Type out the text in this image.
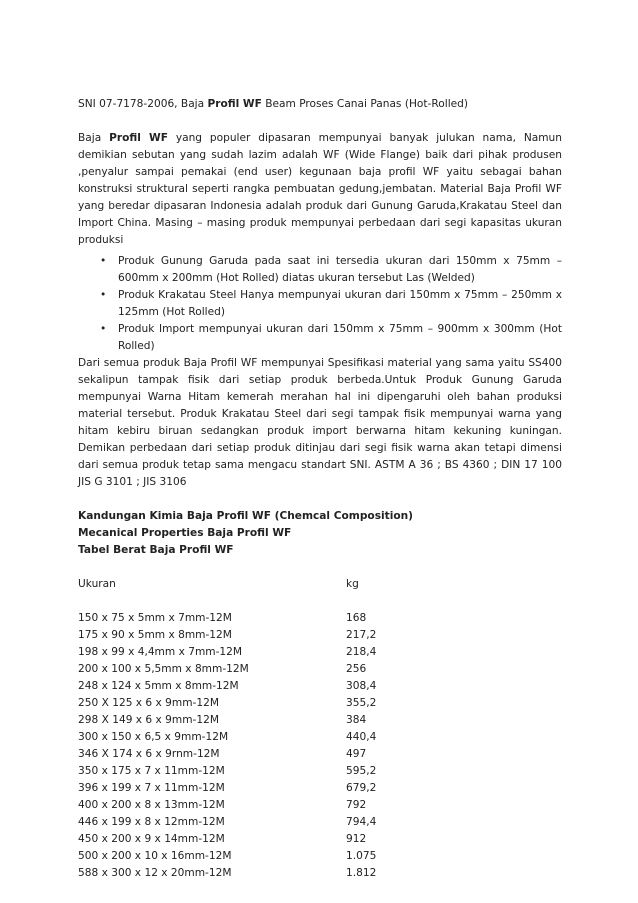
SNI 07-7178-2006, Baja Profil WF Beam Proses Canai Panas (Hot-Rolled)

Baja Profil WF yang populer dipasaran mempunyai banyak julukan nama, Namun demikian sebutan yang sudah lazim adalah WF (Wide Flange) baik dari pihak produsen ,penyalur sampai pemakai (end user) kegunaan baja profil WF yaitu sebagai bahan konstruksi struktural seperti rangka pembuatan gedung,jembatan. Material Baja Profil WF yang beredar dipasaran Indonesia adalah produk dari Gunung Garuda,Krakatau Steel dan Import China. Masing – masing produk mempunyai perbedaan dari segi kapasitas ukuran produksi

• Produk Gunung Garuda pada saat ini tersedia ukuran dari 150mm x 75mm – 600mm x 200mm (Hot Rolled) diatas ukuran tersebut Las (Welded)
• Produk Krakatau Steel Hanya mempunyai ukuran dari 150mm x 75mm – 250mm x 125mm (Hot Rolled)
• Produk Import mempunyai ukuran dari 150mm x 75mm – 900mm x 300mm (Hot Rolled)

Dari semua produk Baja Profil WF mempunyai Spesifikasi material yang sama yaitu SS400 sekalipun tampak fisik dari setiap produk berbeda.Untuk Produk Gunung Garuda mempunyai Warna Hitam kemerah merahan hal ini dipengaruhi oleh bahan produksi material tersebut. Produk Krakatau Steel dari segi tampak fisik mempunyai warna yang hitam kebiru biruan sedangkan produk import berwarna hitam kekuning kuningan. Demikan perbedaan dari setiap produk ditinjau dari segi fisik warna akan tetapi dimensi dari semua produk tetap sama mengacu standart SNI. ASTM A 36 ; BS 4360 ; DIN 17 100 JIS G 3101 ; JIS 3106

Kandungan Kimia Baja Profil WF (Chemcal Composition)

Mecanical Properties Baja Profil WF

Tabel Berat Baja Profil WF

Ukuran	kg
150 x 75 x 5mm x 7mm-12M	168
175 x 90 x 5mm x 8mm-12M	217,2
198 x 99 x 4,4mm x 7mm-12M	218,4
200 x 100 x 5,5mm x 8mm-12M	256
248 x 124 x 5mm x 8mm-12M	308,4
250 X 125 x 6 x 9mm-12M	355,2
298 X 149 x 6 x 9mm-12M	384
300 x 150 x 6,5 x 9mm-12M	440,4
346 X 174 x 6 x 9rnm-12M	497
350 x 175 x 7 x 11mm-12M	595,2
396 x 199 x 7 x 11mm-12M	679,2
400 x 200 x 8 x 13mm-12M	792
446 x 199 x 8 x 12mm-12M	794,4
450 x 200 x 9 x 14mm-12M	912
500 x 200 x 10 x 16mm-12M	1.075
588 x 300 x 12 x 20mm-12M	1.812
